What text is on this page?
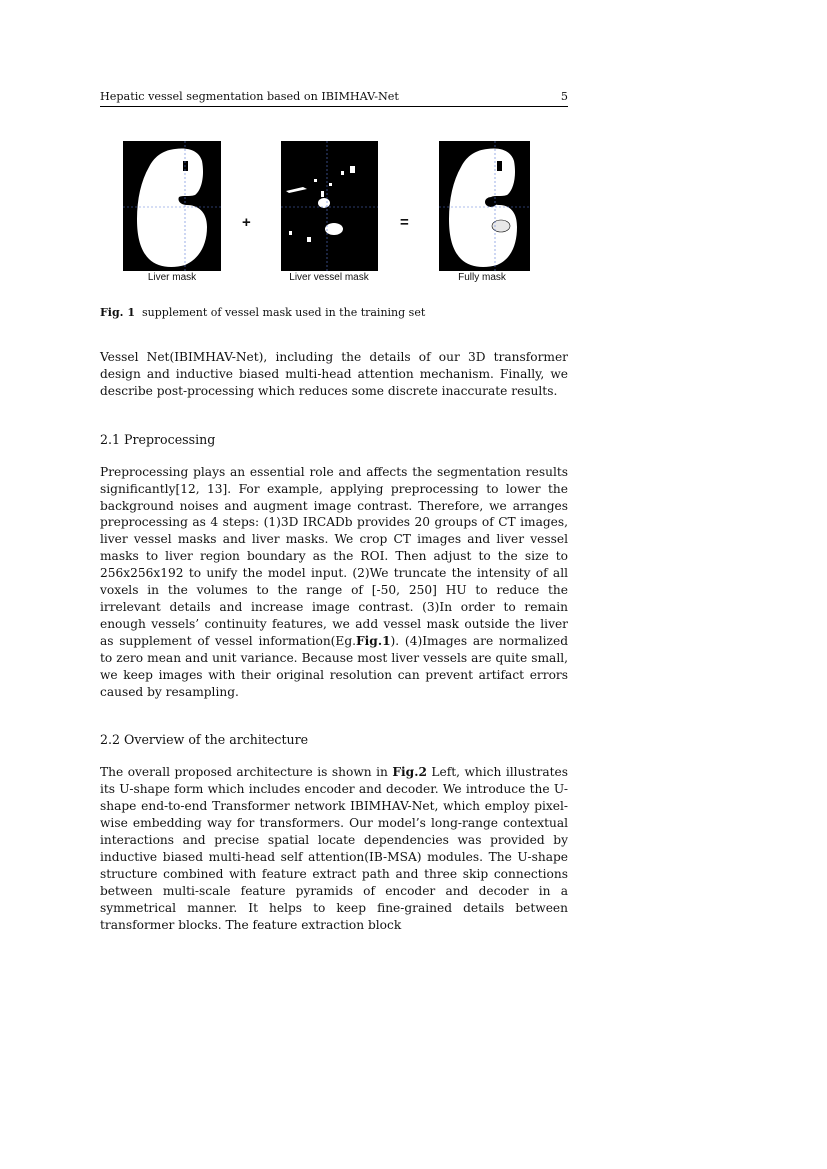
Hepatic vessel segmentation based on IBIMHAV-Net	5
+	=
Liver mask	Liver vessel mask	Fully mask
Fig. 1 supplement of vessel mask used in the training set

Vessel Net(IBIMHAV-Net), including the details of our 3D transformer design and inductive biased multi-head attention mechanism. Finally, we describe post-processing which reduces some discrete inaccurate results.

2.1 Preprocessing

Preprocessing plays an essential role and affects the segmentation results significantly[12, 13]. For example, applying preprocessing to lower the background noises and augment image contrast. Therefore, we arranges preprocessing as 4 steps: (1)3D IRCADb provides 20 groups of CT images, liver vessel masks and liver masks. We crop CT images and liver vessel masks to liver region boundary as the ROI. Then adjust to the size to 256x256x192 to unify the model input. (2)We truncate the intensity of all voxels in the volumes to the range of [-50, 250] HU to reduce the irrelevant details and increase image contrast. (3)In order to remain enough vessels’ continuity features, we add vessel mask outside the liver as supplement of vessel information(Eg.Fig.1). (4)Images are normalized to zero mean and unit variance. Because most liver vessels are quite small, we keep images with their original resolution can prevent artifact errors caused by resampling.

2.2 Overview of the architecture

The overall proposed architecture is shown in Fig.2 Left, which illustrates its U-shape form which includes encoder and decoder. We introduce the U-shape end-to-end Transformer network IBIMHAV-Net, which employ pixel-wise embedding way for transformers. Our model’s long-range contextual interactions and precise spatial locate dependencies was provided by inductive biased multi-head self attention(IB-MSA) modules. The U-shape structure combined with feature extract path and three skip connections between multi-scale feature pyramids of encoder and decoder in a symmetrical manner. It helps to keep fine-grained details between transformer blocks. The feature extraction block
